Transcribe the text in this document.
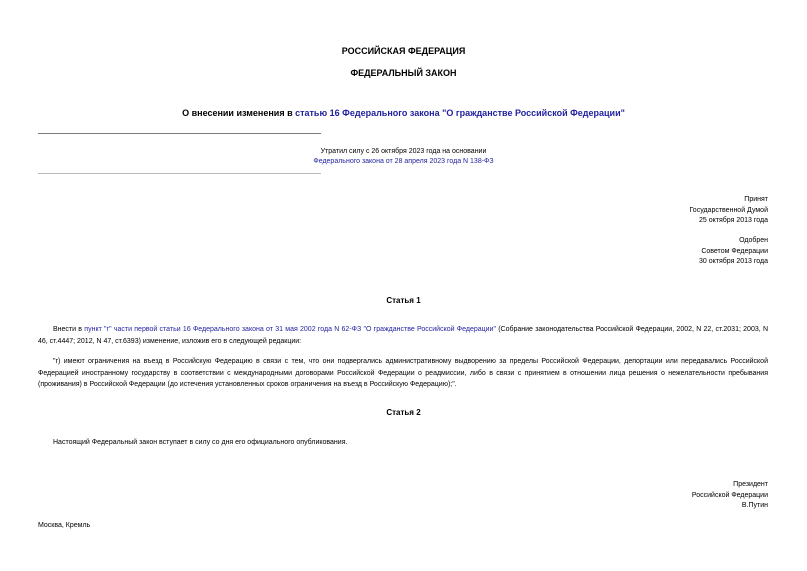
РОССИЙСКАЯ ФЕДЕРАЦИЯ
ФЕДЕРАЛЬНЫЙ ЗАКОН
О внесении изменения в статью 16 Федерального закона "О гражданстве Российской Федерации"
Утратил силу с 26 октября 2023 года на основании
Федерального закона от 28 апреля 2023 года N 138-ФЗ
Принят
Государственной Думой
25 октября 2013 года
Одобрен
Советом Федерации
30 октября 2013 года
Статья 1
Внести в пункт "г" части первой статьи 16 Федерального закона от 31 мая 2002 года N 62-ФЗ "О гражданстве Российской Федерации" (Собрание законодательства Российской Федерации, 2002, N 22, ст.2031; 2003, N 46, ст.4447; 2012, N 47, ст.6393) изменение, изложив его в следующей редакции:
"г) имеют ограничения на въезд в Российскую Федерацию в связи с тем, что они подвергались административному выдворению за пределы Российской Федерации, депортации или передавались Российской Федерацией иностранному государству в соответствии с международными договорами Российской Федерации о реадмиссии, либо в связи с принятием в отношении лица решения о нежелательности пребывания (проживания) в Российской Федерации (до истечения установленных сроков ограничения на въезд в Российскую Федерацию);".
Статья 2
Настоящий Федеральный закон вступает в силу со дня его официального опубликования.
Президент
Российской Федерации
В.Путин
Москва, Кремль
